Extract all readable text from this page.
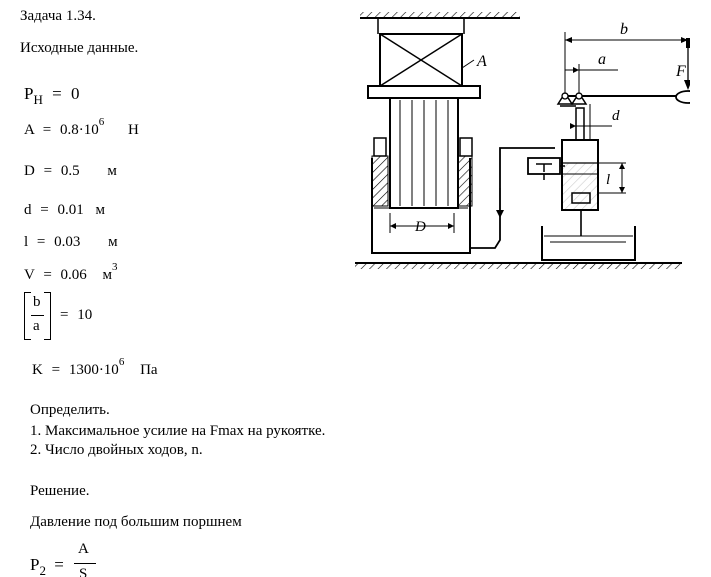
Задача 1.34.
Исходные данные.
$P_H = 0$
$A = 0.8\cdot 10^6$ Н
D = 0.5 м
d = 0.01 м
l = 0.03 м
V = 0.06 $м^3$
b
a
= 10
$K = 1300\cdot 10^6$ Па
Определить.
1. Максимальное усилие на Fmax на рукоятке.
2. Число двойных ходов, n.
Решение.
Давление под большим поршнем
$P_2$ =
A
S
A
D
l
d
b
a
F
